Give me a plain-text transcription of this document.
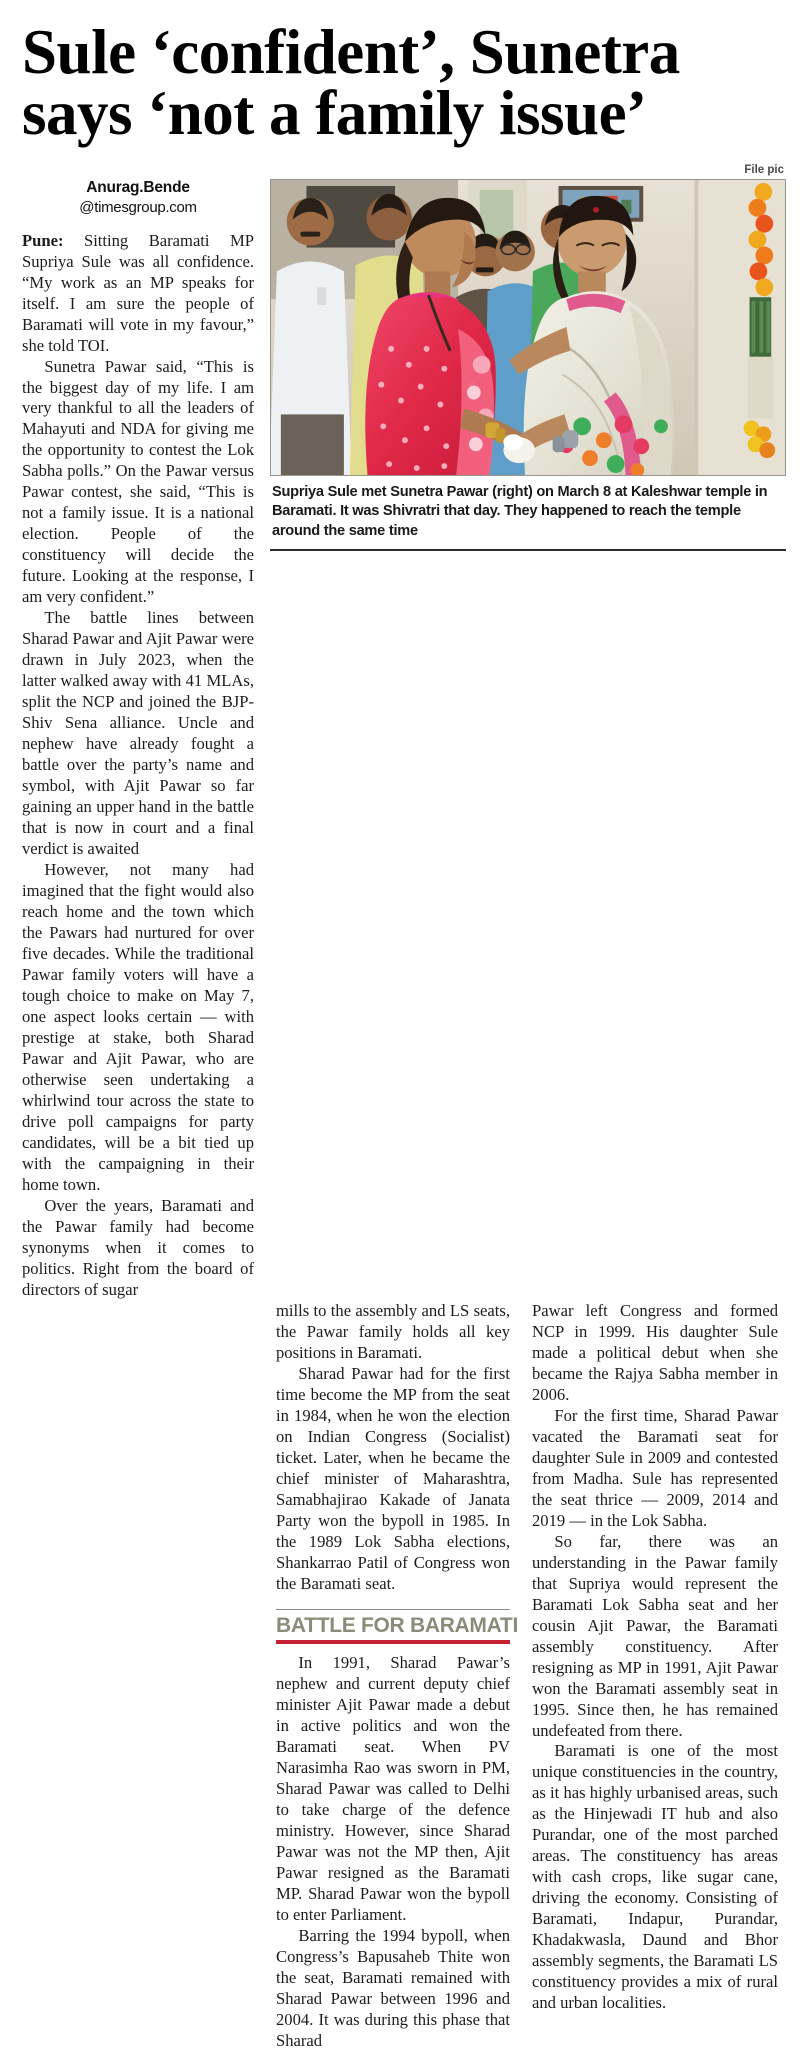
Sule ‘confident’, Sunetra
says ‘not a family issue’
Anurag.Bende
@timesgroup.com

Pune: Sitting Baramati MP Supriya Sule was all confidence. “My work as an MP speaks for itself. I am sure the people of Baramati will vote in my favour,” she told TOI.

Sunetra Pawar said, “This is the biggest day of my life. I am very thankful to all the leaders of Mahayuti and NDA for giving me the opportunity to contest the Lok Sabha polls.” On the Pawar versus Pawar contest, she said, “This is not a family issue. It is a national election. People of the constituency will decide the future. Looking at the response, I am very confident.”

The battle lines between Sharad Pawar and Ajit Pawar were drawn in July 2023, when the latter walked away with 41 MLAs, split the NCP and joined the BJP-Shiv Sena alliance. Uncle and nephew have already fought a battle over the party’s name and symbol, with Ajit Pawar so far gaining an upper hand in the battle that is now in court and a final verdict is awaited

However, not many had imagined that the fight would also reach home and the town which the Pawars had nurtured for over five decades. While the traditional Pawar family voters will have a tough choice to make on May 7, one aspect looks certain — with prestige at stake, both Sharad Pawar and Ajit Pawar, who are otherwise seen undertaking a whirlwind tour across the state to drive poll campaigns for party candidates, will be a bit tied up with the campaigning in their home town.

Over the years, Baramati and the Pawar family had become synonyms when it comes to politics. Right from the board of directors of sugar

File pic
Supriya Sule met Sunetra Pawar (right) on March 8 at Kaleshwar temple in Baramati. It was Shivratri that day. They happened to reach the temple around the same time

mills to the assembly and LS seats, the Pawar family holds all key positions in Baramati.

Sharad Pawar had for the first time become the MP from the seat in 1984, when he won the election on Indian Congress (Socialist) ticket. Later, when he became the chief minister of Maharashtra, Samabhajirao Kakade of Janata Party won the bypoll in 1985. In the 1989 Lok Sabha elections, Shankarrao Patil of Congress won the Baramati seat.

BATTLE FOR BARAMATI

In 1991, Sharad Pawar’s nephew and current deputy chief minister Ajit Pawar made a debut in active politics and won the Baramati seat. When PV Narasimha Rao was sworn in PM, Sharad Pawar was called to Delhi to take charge of the defence ministry. However, since Sharad Pawar was not the MP then, Ajit Pawar resigned as the Baramati MP. Sharad Pawar won the bypoll to enter Parliament.

Barring the 1994 bypoll, when Congress’s Bapusaheb Thite won the seat, Baramati remained with Sharad Pawar between 1996 and 2004. It was during this phase that Sharad

Pawar left Congress and formed NCP in 1999. His daughter Sule made a political debut when she became the Rajya Sabha member in 2006.

For the first time, Sharad Pawar vacated the Baramati seat for daughter Sule in 2009 and contested from Madha. Sule has represented the seat thrice — 2009, 2014 and 2019 — in the Lok Sabha.

So far, there was an understanding in the Pawar family that Supriya would represent the Baramati Lok Sabha seat and her cousin Ajit Pawar, the Baramati assembly constituency. After resigning as MP in 1991, Ajit Pawar won the Baramati assembly seat in 1995. Since then, he has remained undefeated from there.

Baramati is one of the most unique constituencies in the country, as it has highly urbanised areas, such as the Hinjewadi IT hub and also Purandar, one of the most parched areas. The constituency has areas with cash crops, like sugar cane, driving the economy. Consisting of Baramati, Indapur, Purandar, Khadakwasla, Daund and Bhor assembly segments, the Baramati LS constituency provides a mix of rural and urban localities.
